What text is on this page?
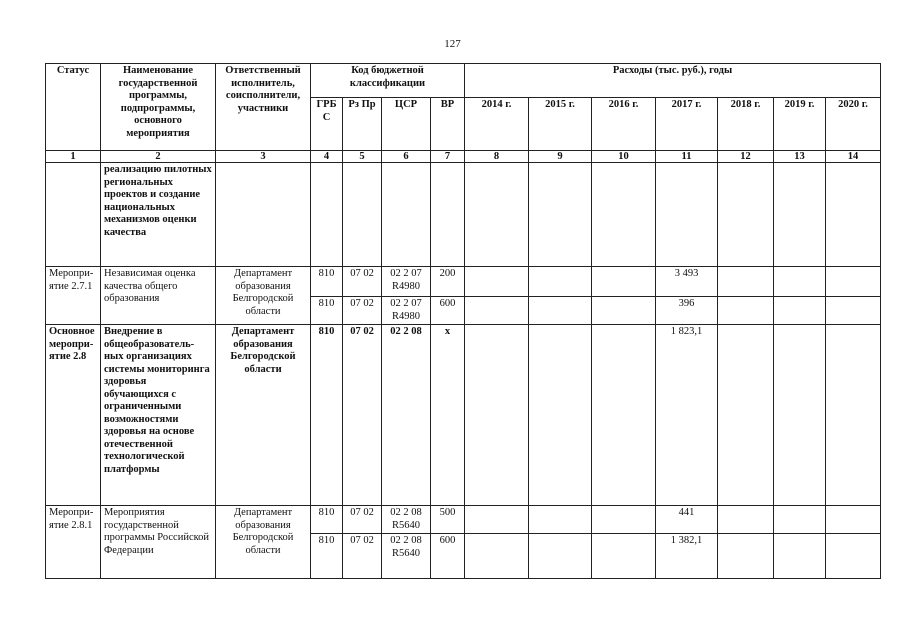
127
Статус	Наименование государственной программы, подпрограммы, основного мероприятия	Ответственный исполнитель, соисполнители, участники	Код бюджетной классификации				Расходы (тыс. руб.), годы						
			ГРБ С	Рз Пр	ЦСР	ВР	2014 г.	2015 г.	2016 г.	2017 г.	2018 г.	2019 г.	2020 г.
1	2	3	4	5	6	7	8	9	10	11	12	13	14
	реализацию пилотных региональных проектов и создание национальных механизмов оценки качества												
Меропри- ятие 2.7.1	Независимая оценка качества общего образования	Департамент образования Белгородской области	810	07 02	02 2 07 R4980	200				3 493			
			810	07 02	02 2 07 R4980	600				396			
Основное меропри- ятие 2.8	Внедрение в общеобразователь- ных организациях системы мониторинга здоровья обучающихся с ограниченными возможностями здоровья на основе отечественной технологической платформы	Департамент образования Белгородской области	810	07 02	02 2 08	х				1 823,1			
Меропри- ятие 2.8.1	Мероприятия государственной программы Российской Федерации	Департамент образования Белгородской области	810	07 02	02 2 08 R5640	500				441			
			810	07 02	02 2 08 R5640	600				1 382,1			
